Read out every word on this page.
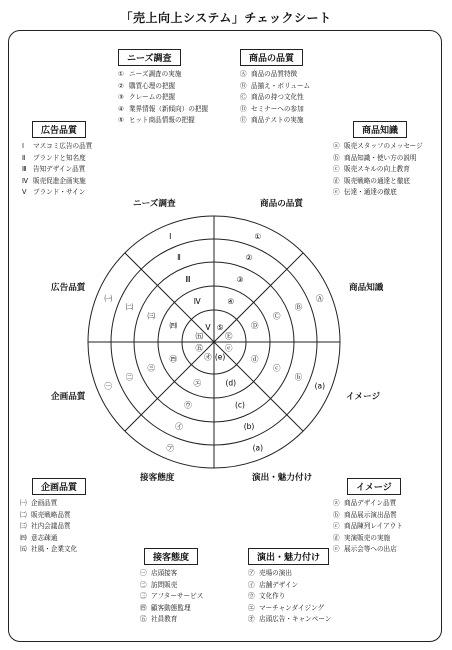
「売上向上システム」チェックシート
ニーズ調査
① ニーズ調査の実施
② 購買心理の把握
③ クレームの把握
④ 業界情報（新傾向）の把握
⑤ ヒット商品情報の把握
商品の品質
Ⓐ 商品の品質特徴
Ⓑ 品揃え・ボリューム
Ⓒ 商品の持つ文化性
Ⓓ セミナーへの参加
Ⓔ 商品テストの実施
広告品質
Ⅰ マスコミ広告の品質
Ⅱ ブランドと知名度
Ⅲ 告知デザイン品質
Ⅳ 販売促進企画実施
Ⅴ ブランド・サイン
商品知識
ⓐ 販売スタッフのメッセージ
ⓑ 商品知識・使い方の説明
ⓒ 販売スキルの向上教育
ⓓ 販売戦略の通達と徹底
ⓔ 伝達・通達の徹底
企画品質
㈠ 企画品質
㈡ 販売戦略品質
㈢ 社内会議品質
㈣ 意志疎通
㈤ 社風・企業文化
イメージ
ⓐ 商品デザイン品質
ⓑ 商品展示演出品質
ⓒ 商品陳列レイアウト
ⓓ 実演販売の実施
ⓔ 展示会等への出店
接客態度
㊀ 店頭接客
㊁ 訪問販売
㊂ アフターサービス
㊃ 顧客動態監理
㊄ 社員教育
演出・魅力付け
㋐ 売場の演出
㋑ 店舗デザイン
㋒ 文化作り
㋓ マーチャンダイジング
㋔ 店頭広告・キャンペーン
ニーズ調査	商品の品質
商品知識
イメージ
演出・魅力付け
接客態度
企画品質
広告品質
①
②
③
④
⑤
Ⓐ
Ⓑ
Ⓒ
Ⓓ
Ⓔ
(a)
ⓑ
ⓒ
ⓓ
ⓔ
(a)
(b)
(c)
(d)
(e)
㋐
㋑
㋒
㋓
㋔
㊀
㊁
㊂
㊃
㊄
㈠
㈡
㈢
㈣
㈤
Ⅰ
Ⅱ
Ⅲ
Ⅳ
Ⅴ
